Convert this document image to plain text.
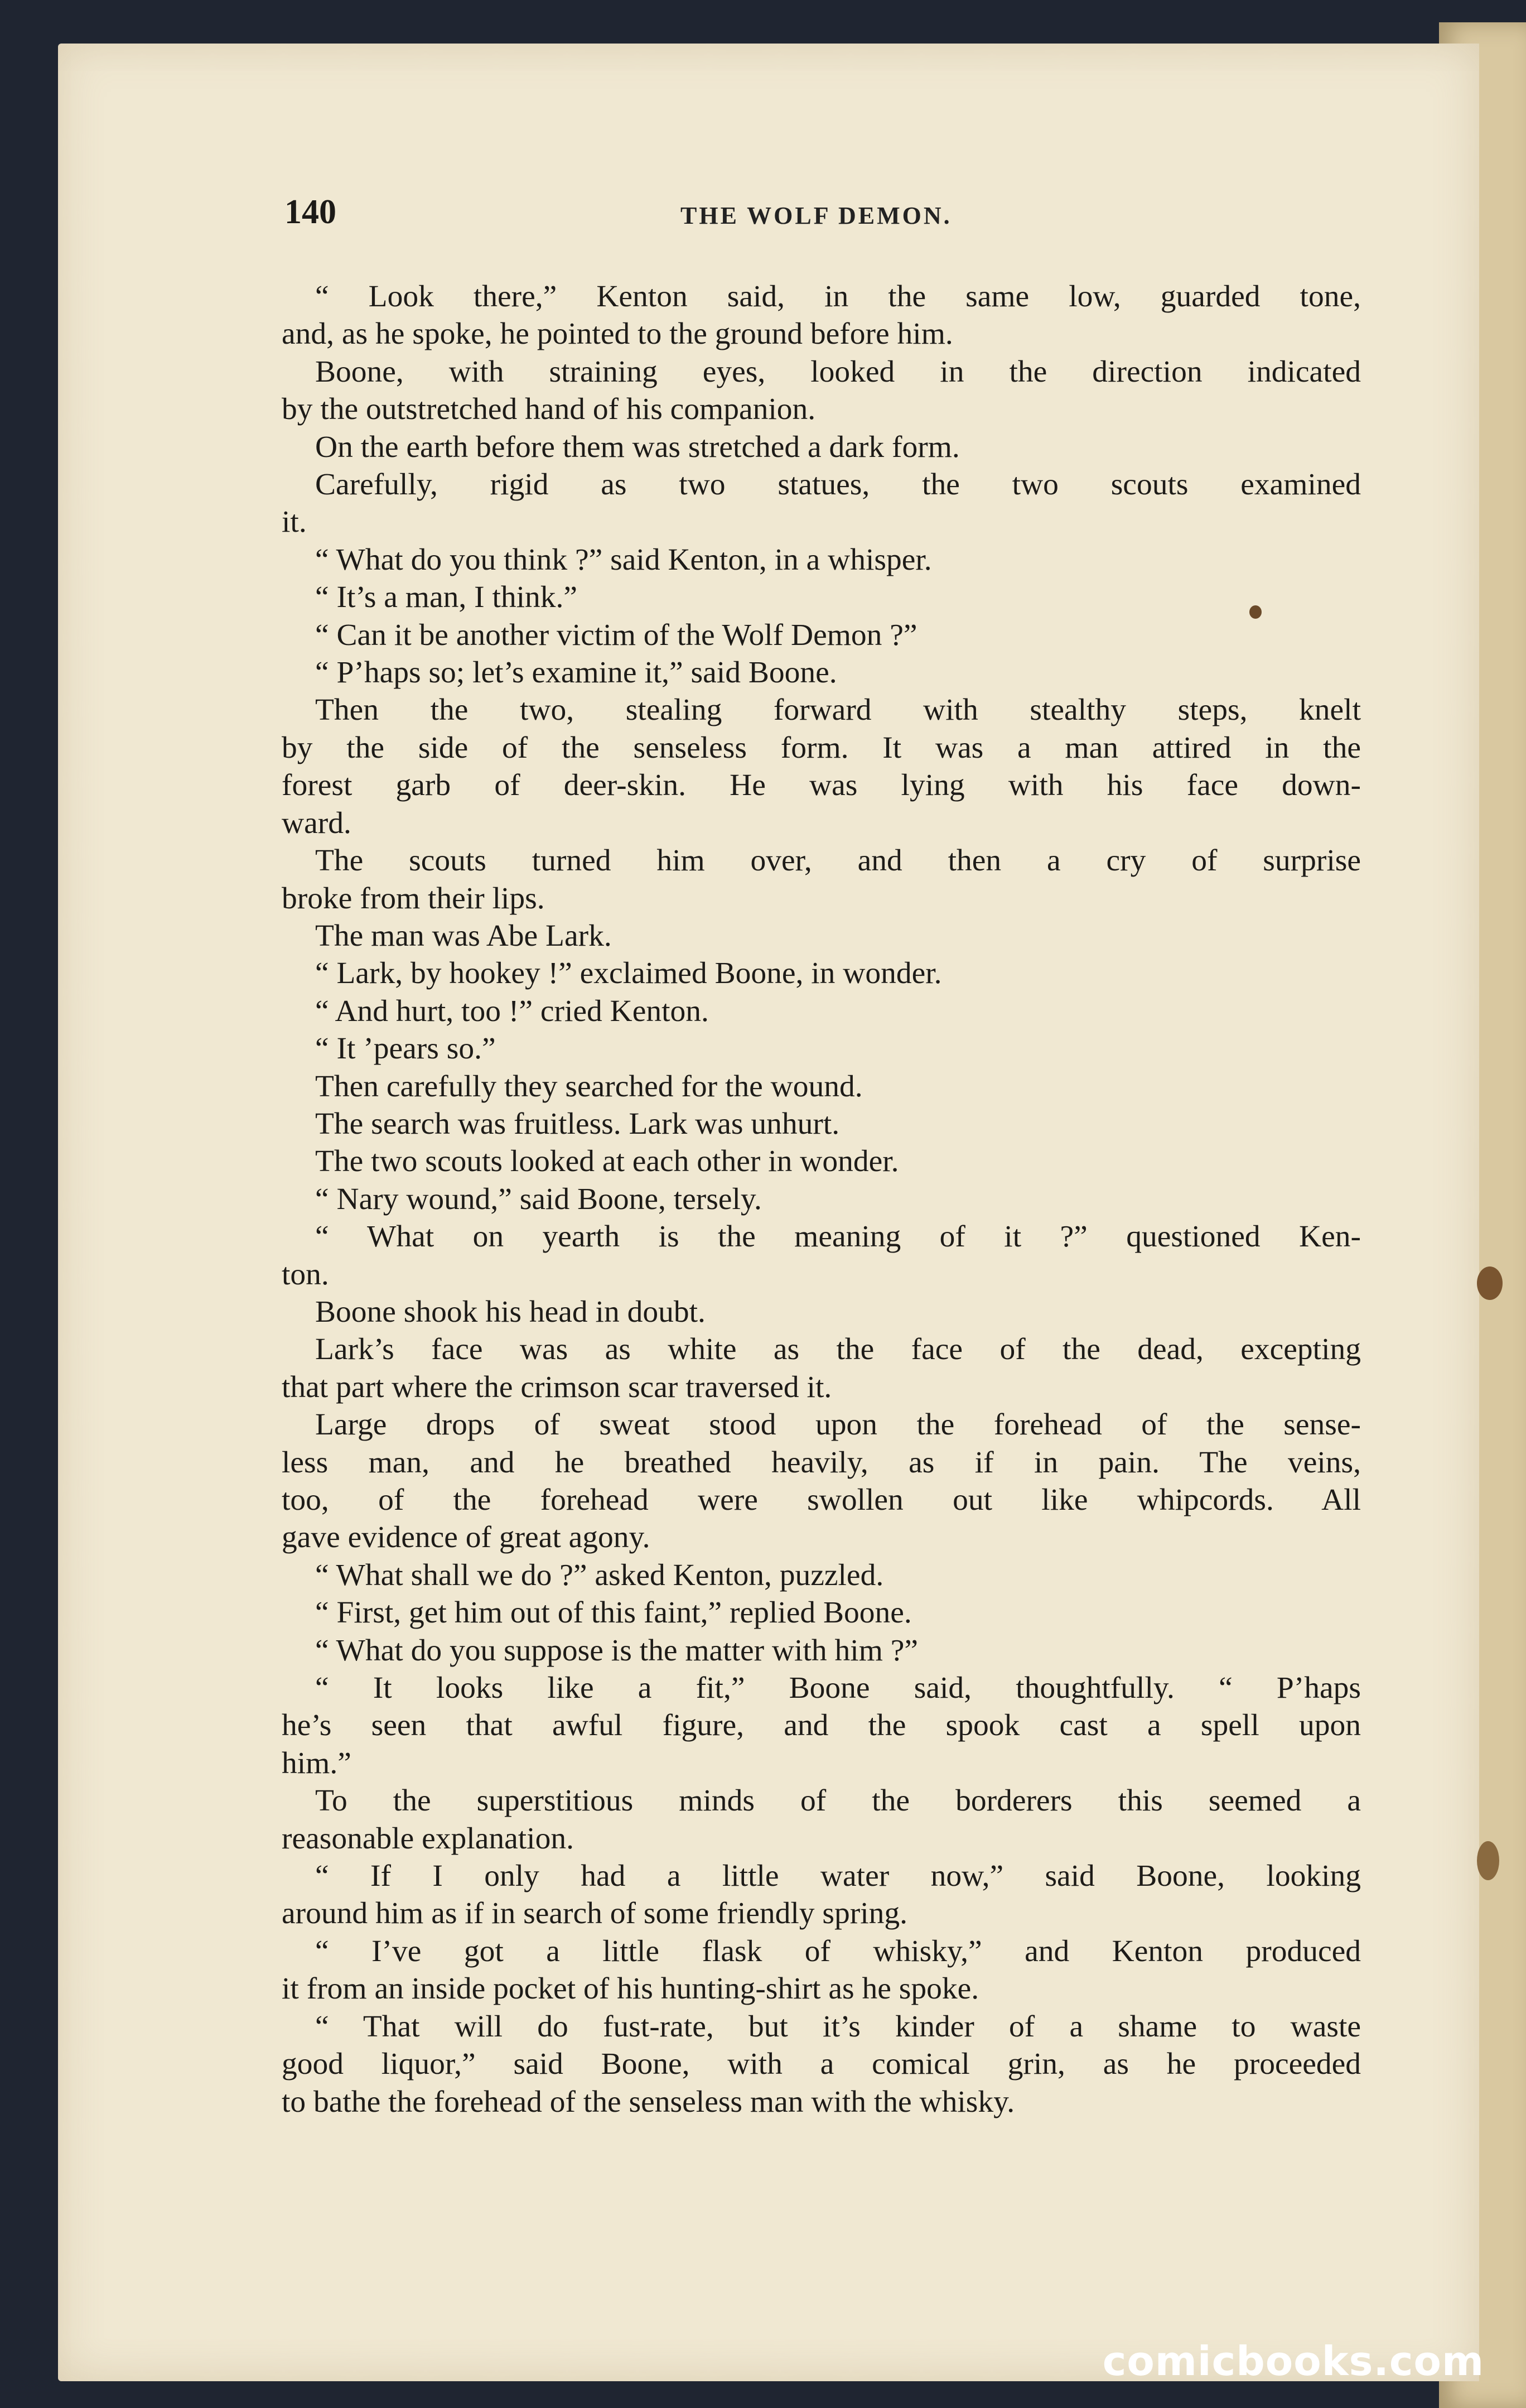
140	THE WOLF DEMON.

“ Look there,” Kenton said, in the same low, guarded tone,

and, as he spoke, he pointed to the ground before him.

Boone, with straining eyes, looked in the direction indicated

by the outstretched hand of his companion.

On the earth before them was stretched a dark form.

Carefully, rigid as two statues, the two scouts examined

it.

“ What do you think ?” said Kenton, in a whisper.

“ It’s a man, I think.”

“ Can it be another victim of the Wolf Demon ?”

“ P’haps so; let’s examine it,” said Boone.

Then the two, stealing forward with stealthy steps, knelt

by the side of the senseless form. It was a man attired in the

forest garb of deer-skin. He was lying with his face down-

ward.

The scouts turned him over, and then a cry of surprise

broke from their lips.

The man was Abe Lark.

“ Lark, by hookey !” exclaimed Boone, in wonder.

“ And hurt, too !” cried Kenton.

“ It ’pears so.”

Then carefully they searched for the wound.

The search was fruitless. Lark was unhurt.

The two scouts looked at each other in wonder.

“ Nary wound,” said Boone, tersely.

“ What on yearth is the meaning of it ?” questioned Ken-

ton.

Boone shook his head in doubt.

Lark’s face was as white as the face of the dead, excepting

that part where the crimson scar traversed it.

Large drops of sweat stood upon the forehead of the sense-

less man, and he breathed heavily, as if in pain. The veins,

too, of the forehead were swollen out like whipcords. All

gave evidence of great agony.

“ What shall we do ?” asked Kenton, puzzled.

“ First, get him out of this faint,” replied Boone.

“ What do you suppose is the matter with him ?”

“ It looks like a fit,” Boone said, thoughtfully. “ P’haps

he’s seen that awful figure, and the spook cast a spell upon

him.”

To the superstitious minds of the borderers this seemed a

reasonable explanation.

“ If I only had a little water now,” said Boone, looking

around him as if in search of some friendly spring.

“ I’ve got a little flask of whisky,” and Kenton produced

it from an inside pocket of his hunting-shirt as he spoke.

“ That will do fust-rate, but it’s kinder of a shame to waste

good liquor,” said Boone, with a comical grin, as he proceeded

to bathe the forehead of the senseless man with the whisky.

comicbooks.com
